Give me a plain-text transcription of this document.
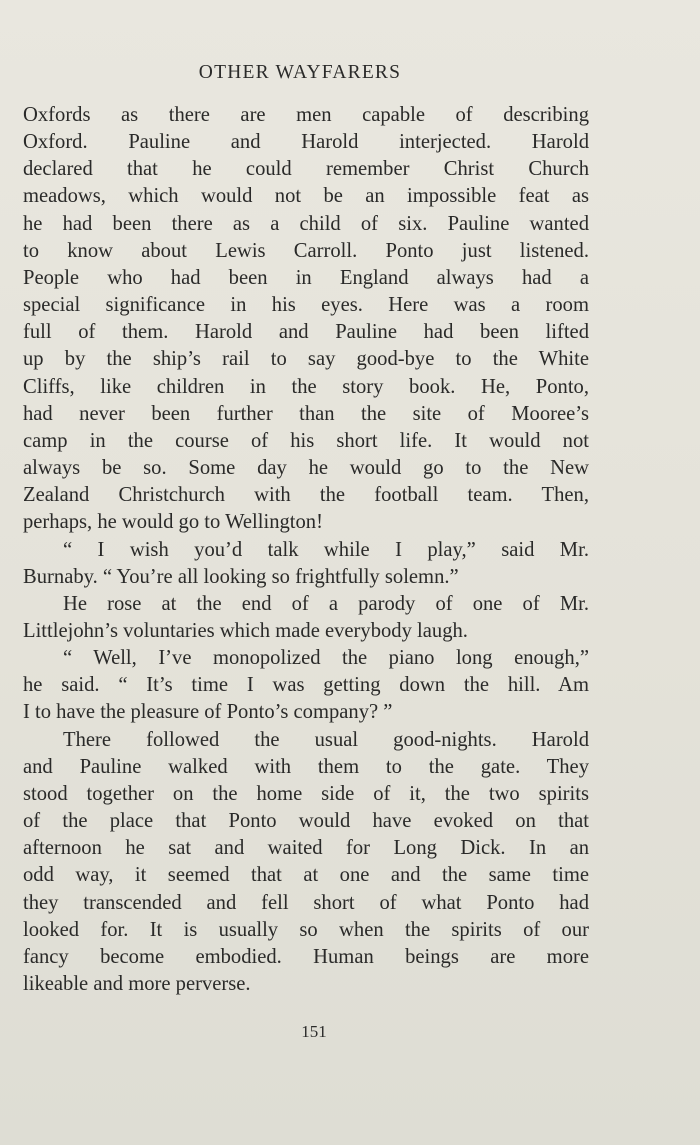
OTHER WAYFARERS
Oxfords as there are men capable of describing
Oxford. Pauline and Harold interjected. Harold
declared that he could remember Christ Church
meadows, which would not be an impossible feat as
he had been there as a child of six. Pauline wanted
to know about Lewis Carroll. Ponto just listened.
People who had been in England always had a
special significance in his eyes. Here was a room
full of them. Harold and Pauline had been lifted
up by the ship’s rail to say good-bye to the White
Cliffs, like children in the story book. He, Ponto,
had never been further than the site of Mooree’s
camp in the course of his short life. It would not
always be so. Some day he would go to the New
Zealand Christchurch with the football team. Then,
perhaps, he would go to Wellington!
“ I wish you’d talk while I play,” said Mr.
Burnaby. “ You’re all looking so frightfully solemn.”
He rose at the end of a parody of one of Mr.
Littlejohn’s voluntaries which made everybody laugh.
“ Well, I’ve monopolized the piano long enough,”
he said. “ It’s time I was getting down the hill. Am
I to have the pleasure of Ponto’s company? ”
There followed the usual good-nights. Harold
and Pauline walked with them to the gate. They
stood together on the home side of it, the two spirits
of the place that Ponto would have evoked on that
afternoon he sat and waited for Long Dick. In an
odd way, it seemed that at one and the same time
they transcended and fell short of what Ponto had
looked for. It is usually so when the spirits of our
fancy become embodied. Human beings are more
likeable and more perverse.
151
